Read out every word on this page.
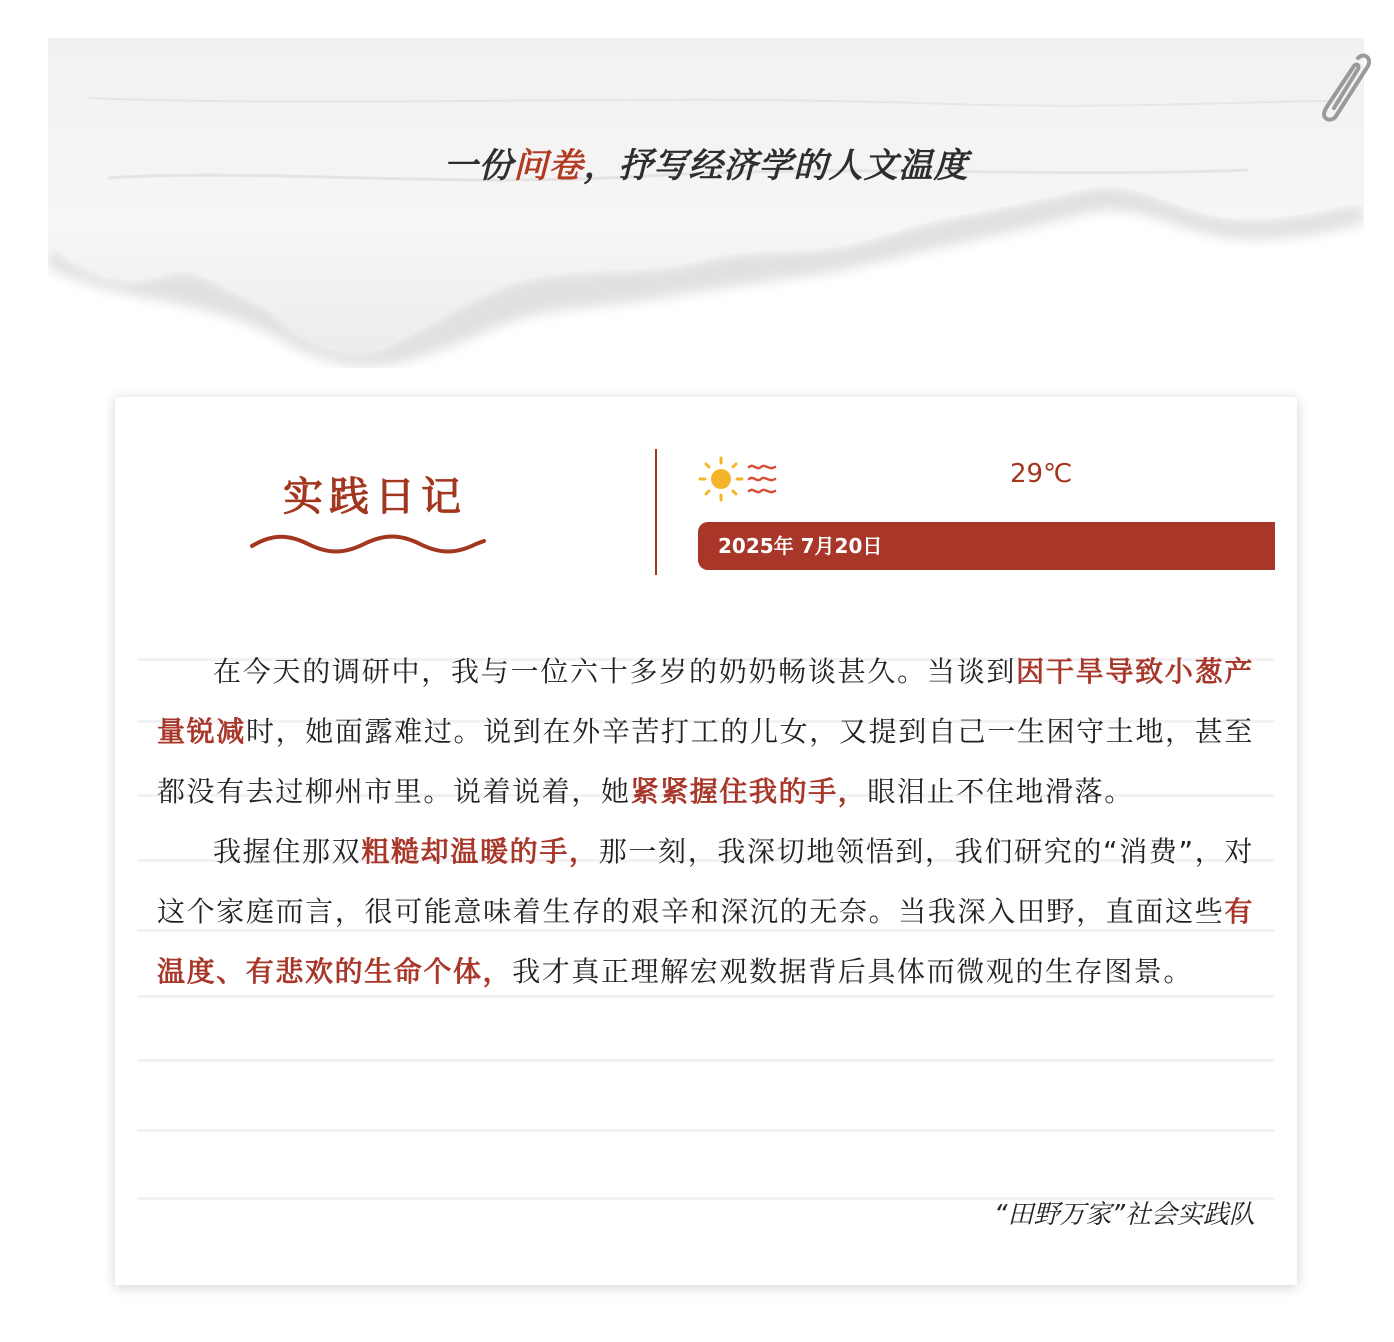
一份问卷，抒写经济学的人文温度
实践日记	29℃
2025年 7月20日

在今天的调研中，我与一位六十多岁的奶奶畅谈甚久。当谈到因干旱导致小葱产量锐减时，她面露难过。说到在外辛苦打工的儿女，又提到自己一生困守土地，甚至都没有去过柳州市里。说着说着，她紧紧握住我的手，眼泪止不住地滑落。

我握住那双粗糙却温暖的手，那一刻，我深切地领悟到，我们研究的“消费”，对这个家庭而言，很可能意味着生存的艰辛和深沉的无奈。当我深入田野，直面这些有温度、有悲欢的生命个体，我才真正理解宏观数据背后具体而微观的生存图景。

“田野万家”社会实践队
